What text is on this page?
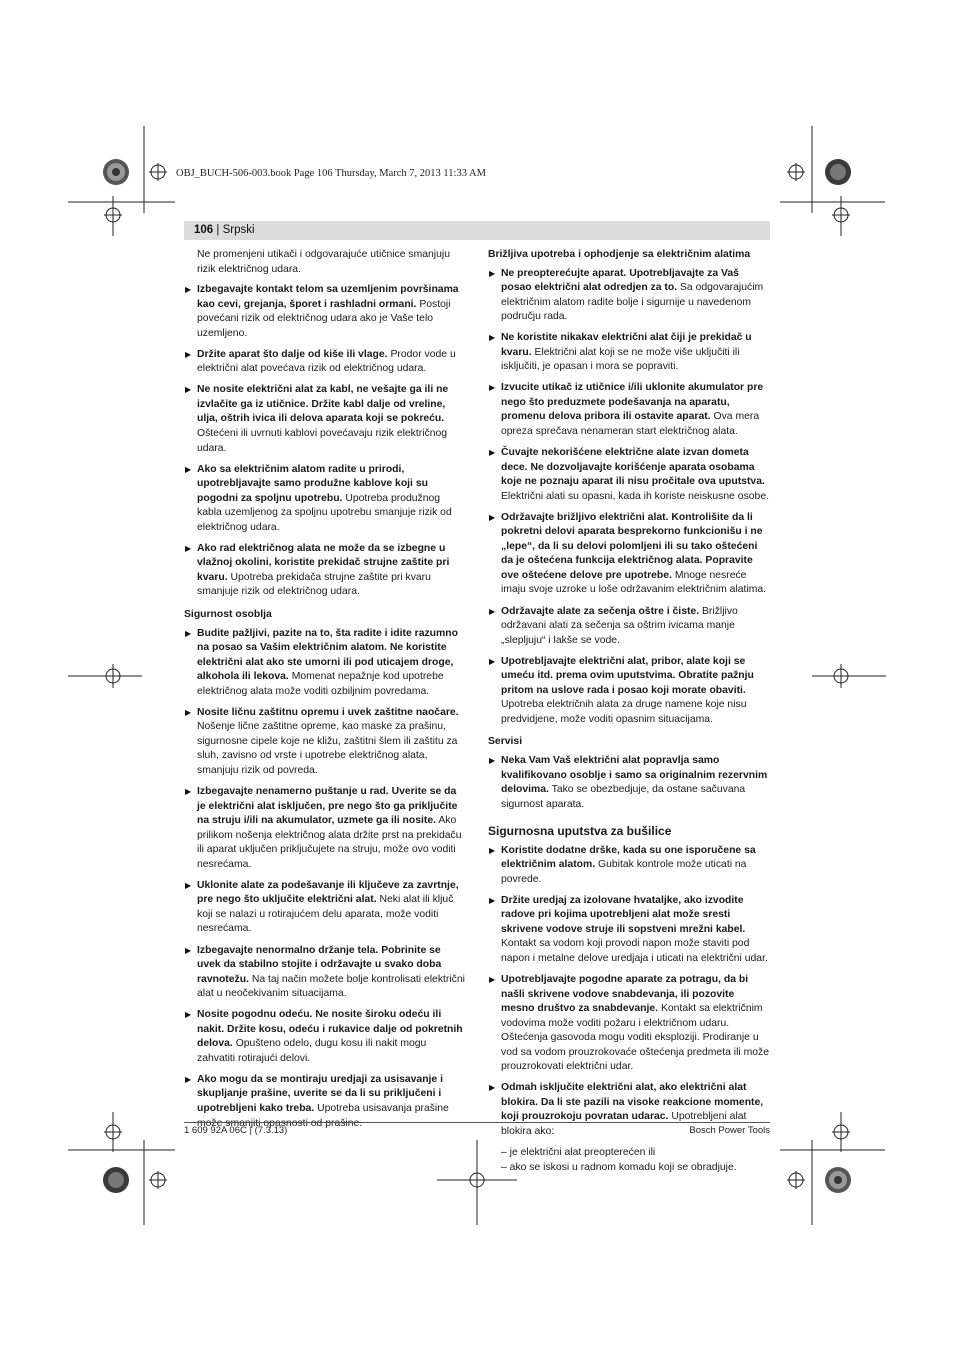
OBJ_BUCH-506-003.book Page 106 Thursday, March 7, 2013 11:33 AM
106 | Srpski
Ne promenjeni utikači i odgovarajuće utičnice smanjuju rizik električnog udara.
▶ Izbegavajte kontakt telom sa uzemljenim površinama kao cevi, grejanja, šporet i rashladni ormani. Postoji povećani rizik od električnog udara ako je Vaše telo uzemljeno.
▶ Držite aparat što dalje od kiše ili vlage. Prodor vode u električni alat povećava rizik od električnog udara.
▶ Ne nosite električni alat za kabl, ne vešajte ga ili ne izvlačite ga iz utičnice. Držite kabl dalje od vreline, ulja, oštrih ivica ili delova aparata koji se pokreću. Oštećeni ili uvrnuti kablovi povećavaju rizik električnog udara.
▶ Ako sa električnim alatom radite u prirodi, upotrebljavajte samo produžne kablove koji su pogodni za spoljnu upotrebu. Upotreba produžnog kabla uzemljenog za spoljnu upotrebu smanjuje rizik od električnog udara.
▶ Ako rad električnog alata ne može da se izbegne u vlažnoj okolini, koristite prekidač strujne zaštite pri kvaru. Upotreba prekidača strujne zaštite pri kvaru smanjuje rizik od električnog udara.
Sigurnost osoblja
▶ Budite pažljivi, pazite na to, šta radite i idite razumno na posao sa Vašim električnim alatom. Ne koristite električni alat ako ste umorni ili pod uticajem droge, alkohola ili lekova. Momenat nepažnje kod upotrebe električnog alata može voditi ozbiljnim povredama.
▶ Nosite ličnu zaštitnu opremu i uvek zaštitne naočare. Nošenje lične zaštitne opreme, kao maske za prašinu, sigurnosne cipele koje ne kližu, zaštitni šlem ili zaštitu za sluh, zavisno od vrste i upotrebe električnog alata, smanjuju rizik od povreda.
▶ Izbegavajte nenamerno puštanje u rad. Uverite se da je električni alat isključen, pre nego što ga priključite na struju i/ili na akumulator, uzmete ga ili nosite. Ako prilikom nošenja električnog alata držite prst na prekidaču ili aparat uključen priključujete na struju, može ovo voditi nesrećama.
▶ Uklonite alate za podešavanje ili ključeve za zavrtnje, pre nego što uključite električni alat. Neki alat ili ključ koji se nalazi u rotirajućem delu aparata, može voditi nesrećama.
▶ Izbegavajte nenormalno držanje tela. Pobrinite se uvek da stabilno stojite i održavajte u svako doba ravnotežu. Na taj način možete bolje kontrolisati električni alat u neočekivanim situacijama.
▶ Nosite pogodnu odeću. Ne nosite široku odeću ili nakit. Držite kosu, odeću i rukavice dalje od pokretnih delova. Opušteno odelo, dugu kosu ili nakit mogu zahvatiti rotirajući delovi.
▶ Ako mogu da se montiraju uredjaji za usisavanje i skupljanje prašine, uverite se da li su priključeni i upotrebljeni kako treba. Upotreba usisavanja prašine može smanjiti opasnosti od prašine.
Brižljiva upotreba i ophodjenje sa električnim alatima
▶ Ne preopterećujte aparat. Upotrebljavajte za Vaš posao električni alat odredjen za to. Sa odgovarajućim električnim alatom radite bolje i sigurnije u navedenom području rada.
▶ Ne koristite nikakav električni alat čiji je prekidač u kvaru. Električni alat koji se ne može više uključiti ili isključiti, je opasan i mora se popraviti.
▶ Izvucite utikač iz utičnice i/ili uklonite akumulator pre nego što preduzmete podešavanja na aparatu, promenu delova pribora ili ostavite aparat. Ova mera opreza sprečava nenameran start električnog alata.
▶ Čuvajte nekorišćene električne alate izvan dometa dece. Ne dozvoljavajte korišćenje aparata osobama koje ne poznaju aparat ili nisu pročitale ova uputstva. Električni alati su opasni, kada ih koriste neiskusne osobe.
▶ Održavajte brižljivo električni alat. Kontrolišite da li pokretni delovi aparata besprekorno funkcionišu i ne „lepe“, da li su delovi polomljeni ili su tako oštećeni da je oštećena funkcija električnog alata. Popravite ove oštećene delove pre upotrebe. Mnoge nesreće imaju svoje uzroke u loše održavanim električnim alatima.
▶ Održavajte alate za sečenja oštre i čiste. Brižljivo održavani alati za sečenja sa oštrim ivicama manje „slepljuju“ i lakše se vode.
▶ Upotrebljavajte električni alat, pribor, alate koji se umeću itd. prema ovim uputstvima. Obratite pažnju pritom na uslove rada i posao koji morate obaviti. Upotreba električnih alata za druge namene koje nisu predvidjene, može voditi opasnim situacijama.
Servisi
▶ Neka Vam Vaš električni alat popravlja samo kvalifikovano osoblje i samo sa originalnim rezervnim delovima. Tako se obezbedjuje, da ostane sačuvana sigurnost aparata.
Sigurnosna uputstva za bušilice
▶ Koristite dodatne drške, kada su one isporučene sa električnim alatom. Gubitak kontrole može uticati na povrede.
▶ Držite uredjaj za izolovane hvataljke, ako izvodite radove pri kojima upotrebljeni alat može sresti skrivene vodove struje ili sopstveni mrežni kabel. Kontakt sa vodom koji provodi napon može staviti pod napon i metalne delove uredjaja i uticati na električni udar.
▶ Upotrebljavajte pogodne aparate za potragu, da bi našli skrivene vodove snabdevanja, ili pozovite mesno društvo za snabdevanje. Kontakt sa električnim vodovima može voditi požaru i električnom udaru. Oštećenja gasovoda mogu voditi eksploziji. Prodiranje u vod sa vodom prouzrokovaće oštećenja predmeta ili može prouzrokovati električni udar.
▶ Odmah isključite električni alat, ako električni alat blokira. Da li ste pazili na visoke reakcione momente, koji prouzrokoju povratan udarac. Upotrebljeni alat blokira ako:
– je električni alat preopterećen ili
– ako se iskosi u radnom komadu koji se obradjuje.
1 609 92A 06C | (7.3.13)	Bosch Power Tools
